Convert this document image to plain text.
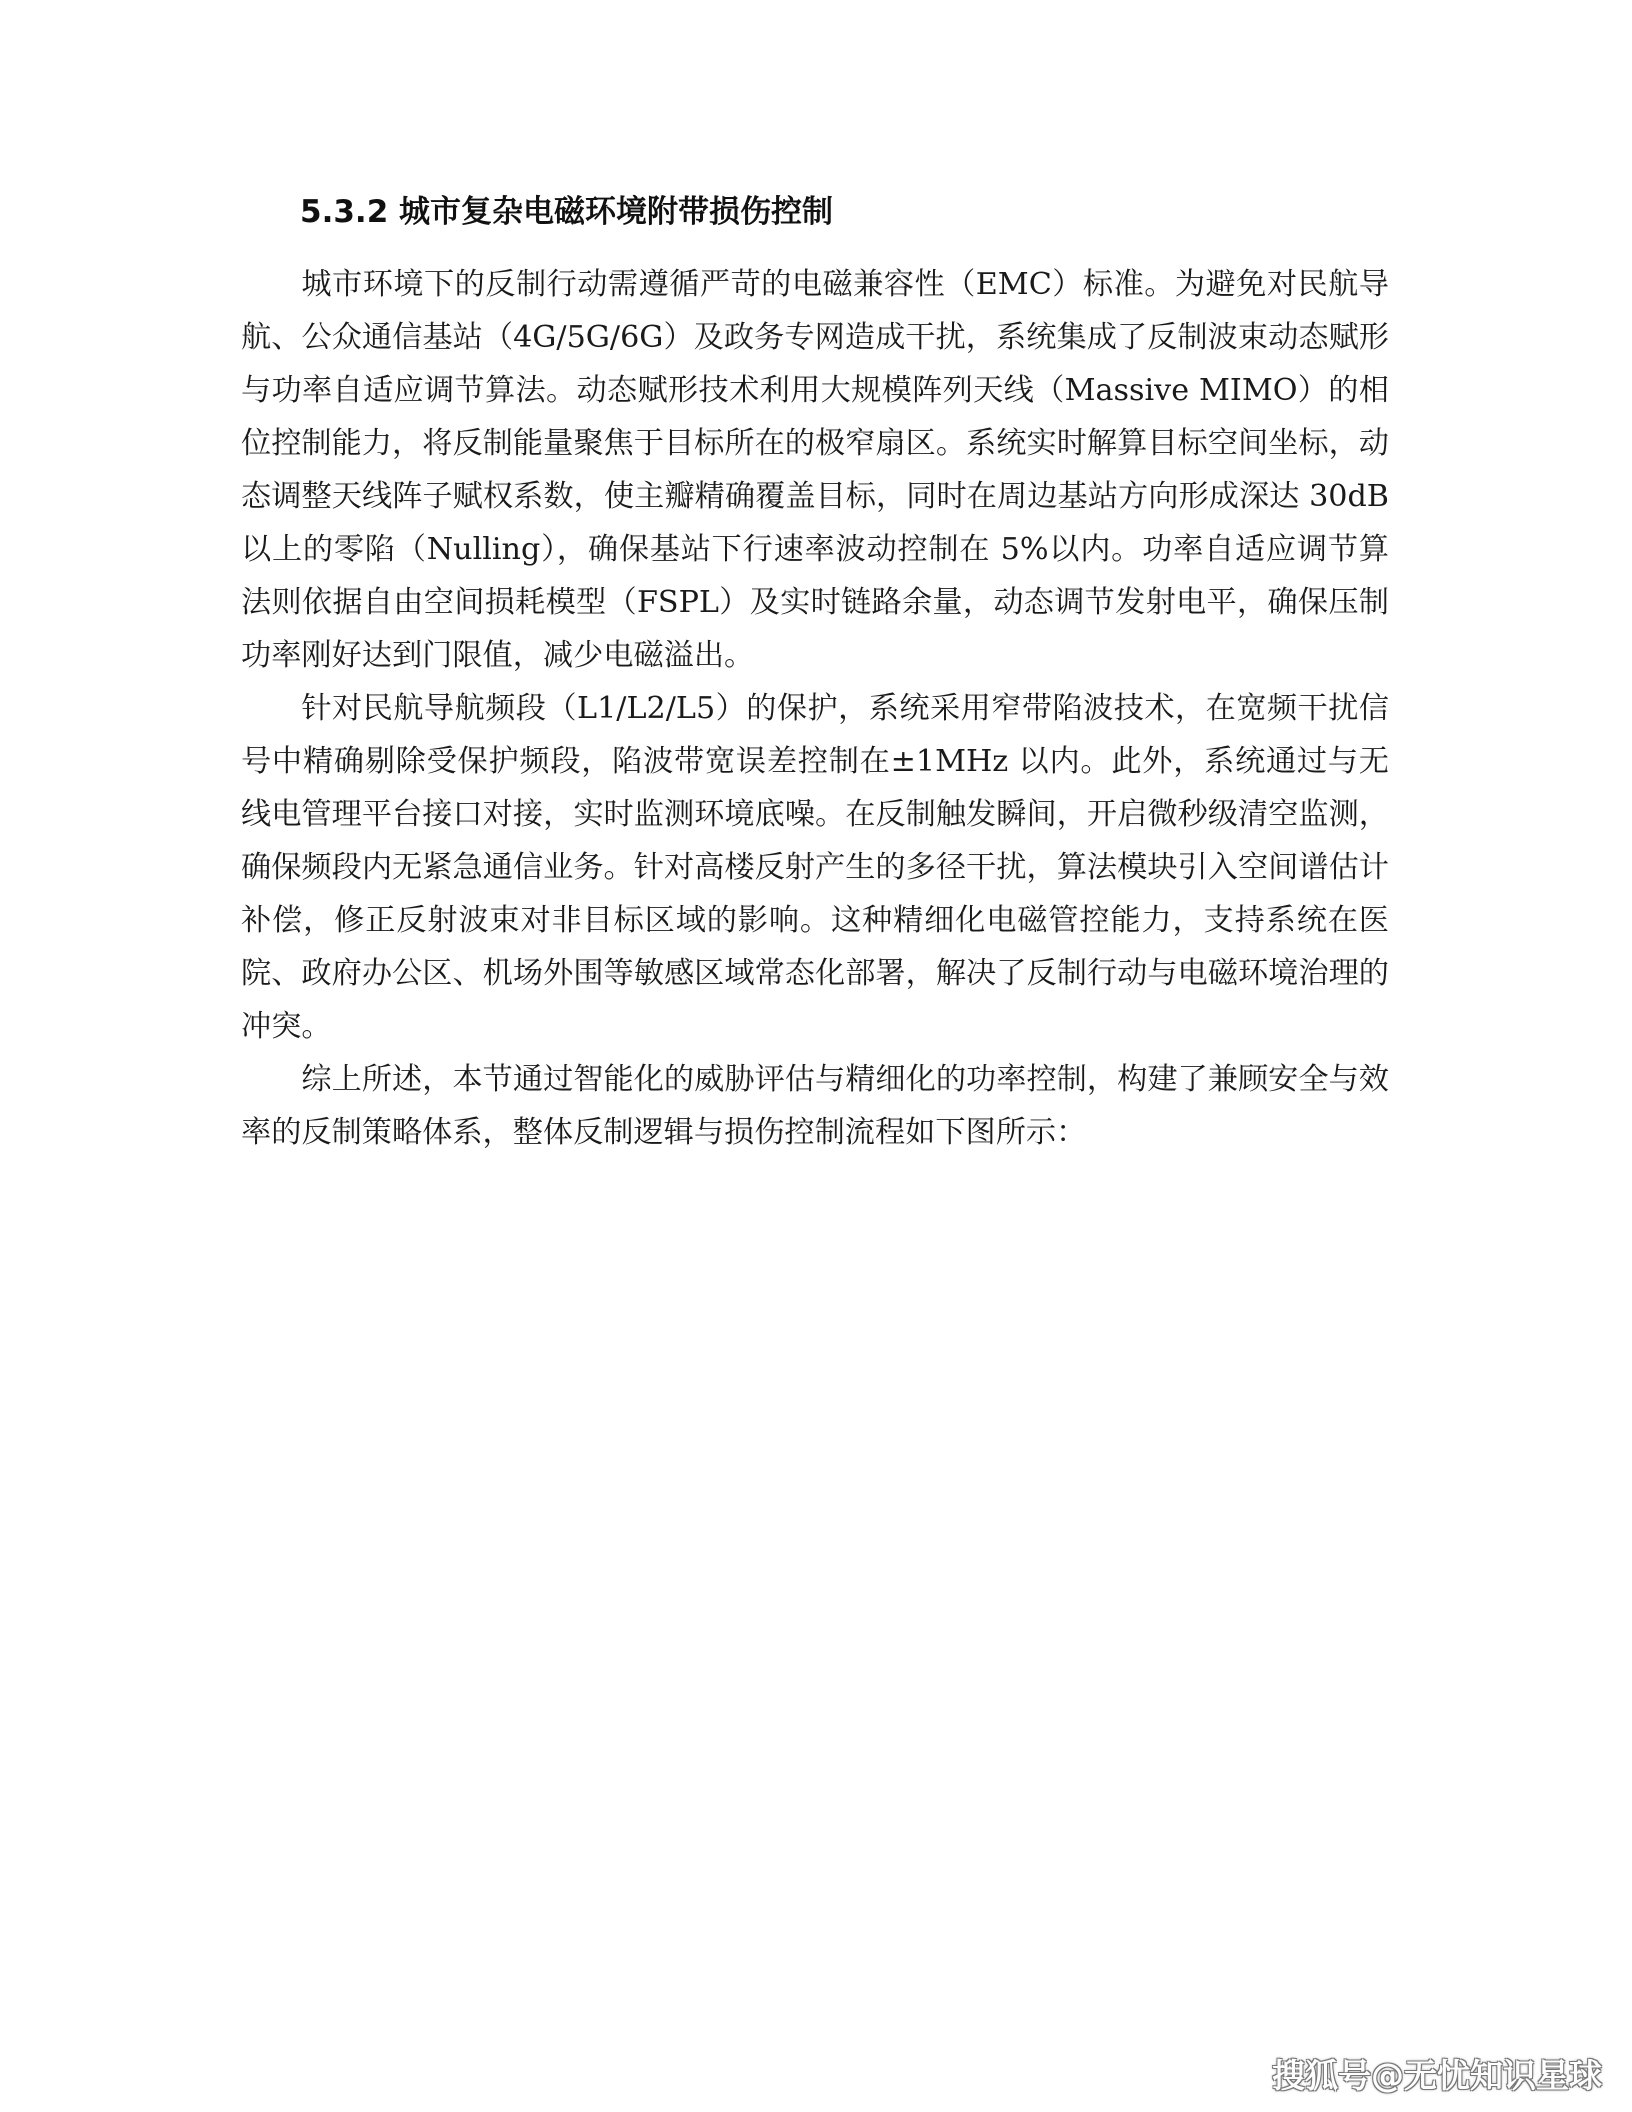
5.3.2 城市复杂电磁环境附带损伤控制

城市环境下的反制行动需遵循严苛的电磁兼容性（EMC）标准。为避免对民航导航、公众通信基站（4G/5G/6G）及政务专网造成干扰，系统集成了反制波束动态赋形与功率自适应调节算法。动态赋形技术利用大规模阵列天线（Massive MIMO）的相位控制能力，将反制能量聚焦于目标所在的极窄扇区。系统实时解算目标空间坐标，动态调整天线阵子赋权系数，使主瓣精确覆盖目标，同时在周边基站方向形成深达 30dB 以上的零陷（Nulling），确保基站下行速率波动控制在 5%以内。功率自适应调节算法则依据自由空间损耗模型（FSPL）及实时链路余量，动态调节发射电平，确保压制功率刚好达到门限值，减少电磁溢出。

针对民航导航频段（L1/L2/L5）的保护，系统采用窄带陷波技术，在宽频干扰信号中精确剔除受保护频段，陷波带宽误差控制在±1MHz 以内。此外，系统通过与无线电管理平台接口对接，实时监测环境底噪。在反制触发瞬间，开启微秒级清空监测，确保频段内无紧急通信业务。针对高楼反射产生的多径干扰，算法模块引入空间谱估计补偿，修正反射波束对非目标区域的影响。这种精细化电磁管控能力，支持系统在医院、政府办公区、机场外围等敏感区域常态化部署，解决了反制行动与电磁环境治理的冲突。

综上所述，本节通过智能化的威胁评估与精细化的功率控制，构建了兼顾安全与效率的反制策略体系，整体反制逻辑与损伤控制流程如下图所示：

搜狐号@无忧知识星球
